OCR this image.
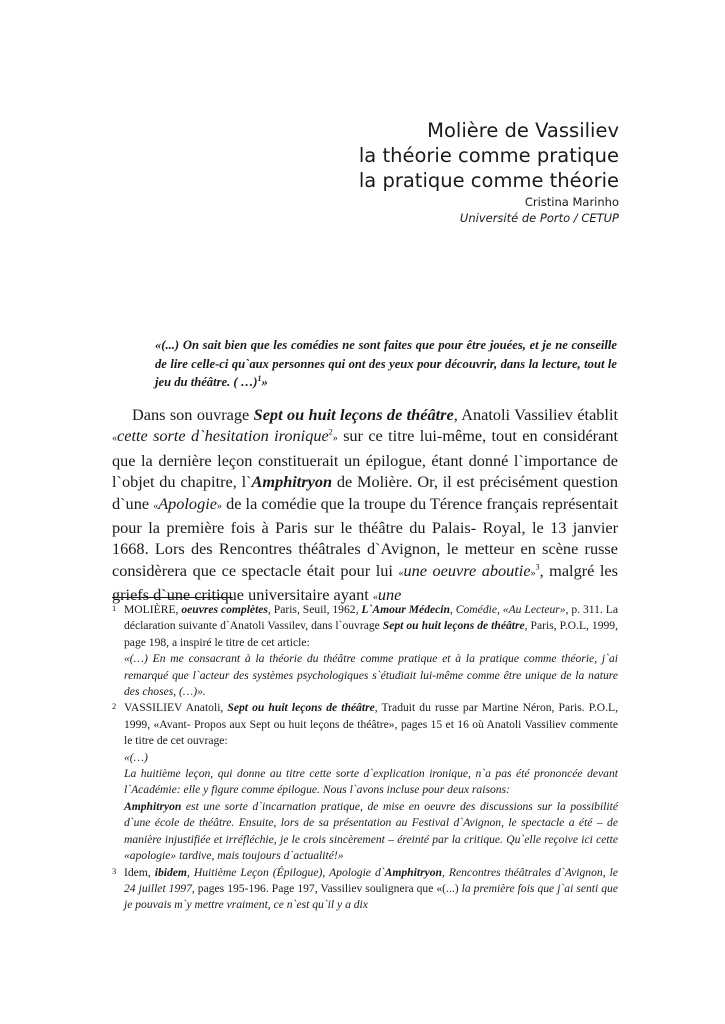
Molière de Vassiliev
la théorie comme pratique
la pratique comme théorie
Cristina Marinho
Université de Porto / CETUP
«(...) On sait bien que les comédies ne sont faites que pour être jouées, et je ne conseille de lire celle-ci qu`aux personnes qui ont des yeux pour découvrir, dans la lecture, tout le jeu du théâtre. ( …)$^1$»

Dans son ouvrage Sept ou huit leçons de théâtre, Anatoli Vassiliev établit «cette sorte d`hesitation ironique$^2$» sur ce titre lui-même, tout en considérant que la dernière leçon constituerait un épilogue, étant donné l`importance de l`objet du chapitre, l`Amphitryon de Molière. Or, il est précisément question d`une «Apologie» de la comédie que la troupe du Térence français représentait pour la première fois à Paris sur le théâtre du Palais- Royal, le 13 janvier 1668. Lors des Rencontres théâtrales d`Avignon, le metteur en scène russe considèrera que ce spectacle était pour lui «une oeuvre aboutie»$^3$, malgré les griefs d`une critique universitaire ayant «une

1 MOLIÈRE, oeuvres complètes, Paris, Seuil, 1962, L`Amour Médecin, Comédie, «Au Lecteur», p. 311. La déclaration suivante d`Anatoli Vassilev, dans l`ouvrage Sept ou huit leçons de théâtre, Paris, P.O.L, 1999, page 198, a inspiré le titre de cet article:
«(…) En me consacrant à la théorie du théâtre comme pratique et à la pratique comme théorie, j`ai remarqué que l`acteur des systèmes psychologiques s`étudiait lui-même comme être unique de la nature des choses, (…)».
2 VASSILIEV Anatoli, Sept ou huit leçons de théâtre, Traduit du russe par Martine Néron, Paris. P.O.L, 1999, «Avant- Propos aux Sept ou huit leçons de théâtre», pages 15 et 16 où Anatoli Vassiliev commente le titre de cet ouvrage:
«(…)
La huitième leçon, qui donne au titre cette sorte d`explication ironique, n`a pas été prononcée devant l`Académie: elle y figure comme épilogue. Nous l`avons incluse pour deux raisons:
Amphitryon est une sorte d`incarnation pratique, de mise en oeuvre des discussions sur la possibilité d`une école de théâtre. Ensuite, lors de sa présentation au Festival d`Avignon, le spectacle a été – de manière injustifiée et irréfléchie, je le crois sincèrement – éreinté par la critique. Qu`elle reçoive ici cette «apologie» tardive, mais toujours d`actualité!»
3 Idem, ibidem, Huitième Leçon (Épilogue), Apologie d`Amphitryon, Rencontres théâtrales d`Avignon, le 24 juillet 1997, pages 195-196. Page 197, Vassiliev soulignera que «(...) la première fois que j`ai senti que je pouvais m`y mettre vraiment, ce n`est qu`il y a dix
